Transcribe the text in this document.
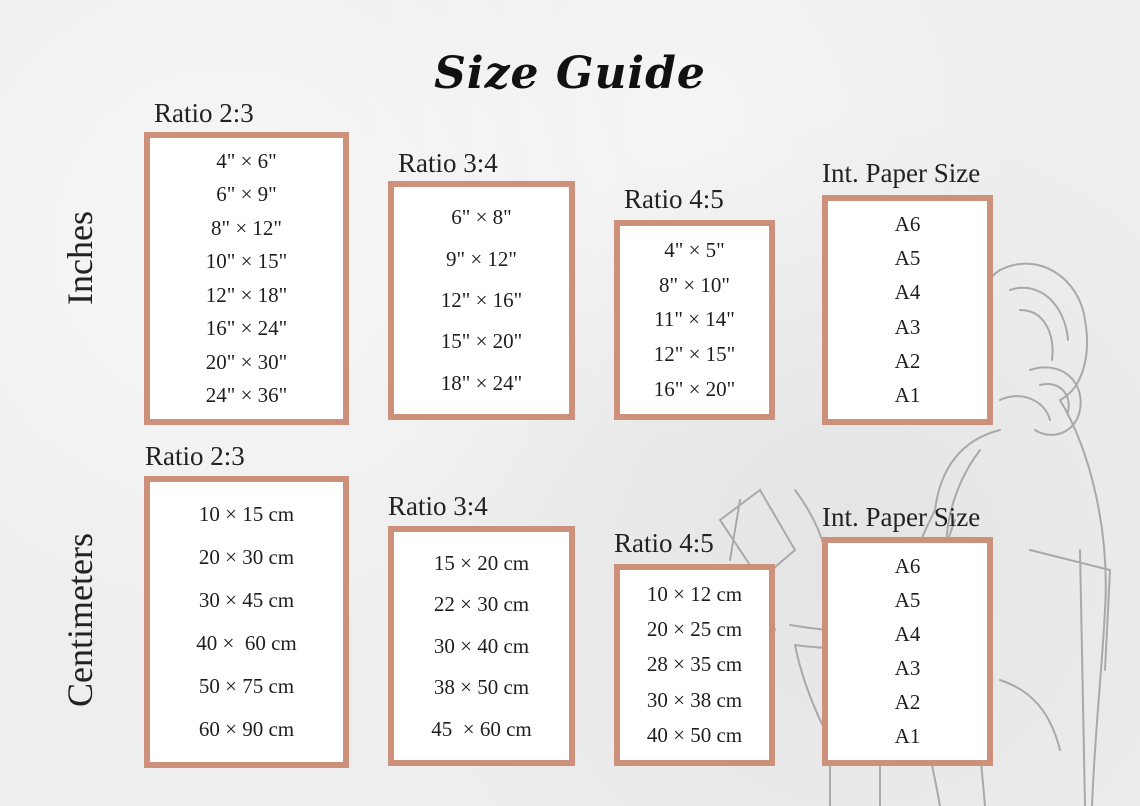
Size Guide
Inches
Centimeters
Ratio 2:3
4" × 6"
6" × 9"
8" × 12"
10" × 15"
12" × 18"
16" × 24"
20" × 30"
24" × 36"
Ratio 3:4
6" × 8"
9" × 12"
12" × 16"
15" × 20"
18" × 24"
Ratio 4:5
4" × 5"
8" × 10"
11" × 14"
12" × 15"
16" × 20"
Int. Paper Size
A6
A5
A4
A3
A2
A1
Ratio 2:3
10 × 15 cm
20 × 30 cm
30 × 45 cm
40 ×  60 cm
50 × 75 cm
60 × 90 cm
Ratio 3:4
15 × 20 cm
22 × 30 cm
30 × 40 cm
38 × 50 cm
45  × 60 cm
Ratio 4:5
10 × 12 cm
20 × 25 cm
28 × 35 cm
30 × 38 cm
40 × 50 cm
Int. Paper Size
A6
A5
A4
A3
A2
A1
